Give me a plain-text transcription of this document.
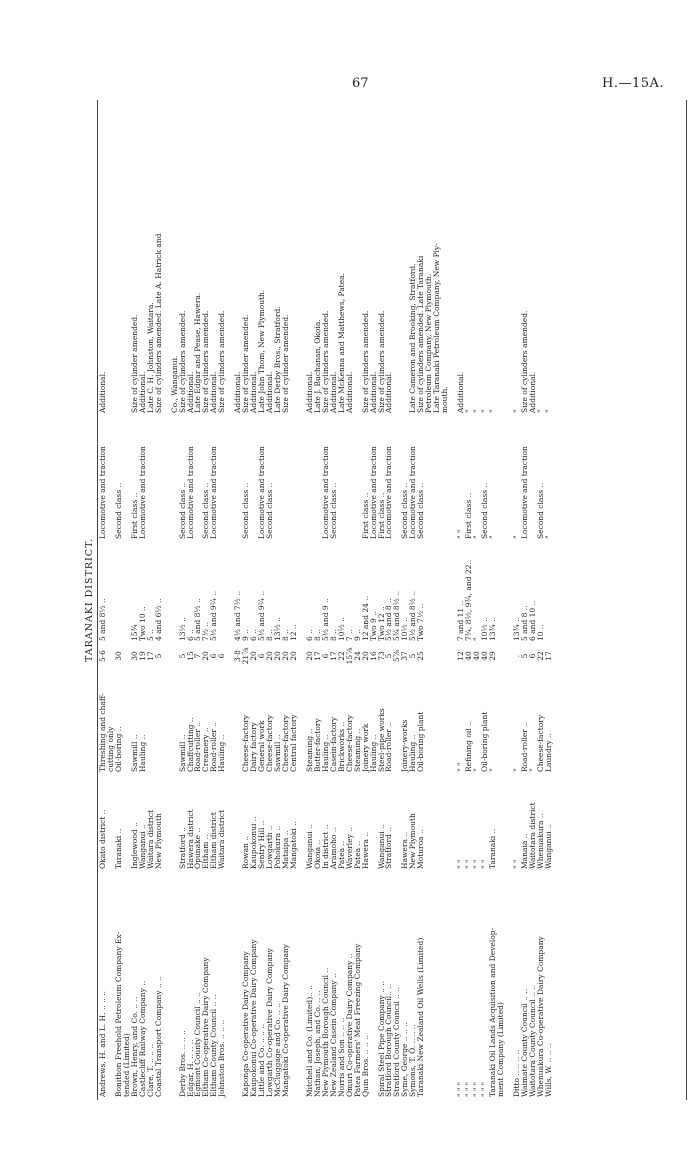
67	H.—15A.
TARANAKI DISTRICT.
Andrews, H. and L. H. .. .. ..	Okato district ..	Threshing and chaff-	5·6	5 and 8½ ..	Locomotive and traction	Additional.
		cutting only				
Bonithon Freehold Petroleum Company Ex-	Taranaki ..	Oil-boring ..	30		Second class ..	
tended (Limited)						
Brown, Henry, and Co. .. ..	Inglewood ..	Sawmill ..	30	15¾	First class ..	Size of cylinder amended.
Castlecliff Railway Company ..	Wanganui ..	Hauling ..	19	Two 10 ..	Locomotive and traction	Additional.
Clare, T. .. .. ..	Waitara district		17	5 ..		Late C. H. Johnston, Waitara.
Coastal Transport Company .. ..	New Plymouth		5	4 and 6½ ..		Size of cylinders amended. Late A. Hatrick and

						Co., Wanganui.
Derby Bros. .. .. ..	Stratford ..	Sawmill ..	5	13½ ..	Second class ..	Size of cylinders amended.
Edgar, H. .. .. ..	Hawera district	Chaffcutting ..	15	6 ..	Locomotive and traction	Additional.
Egmont County Council .. ..	Opunake ..	Road-roller ..	7	5 and 8½ ..		Late Edgar and Pease, Hawera.
Eltham Co-operative Dairy Company	Eltham ..	Creamery ..	20	7½ ..	Second class ..	Size of cylinders amended.
Eltham County Council .. ..	Eltham district	Road-roller ..	6	5½ and 9¼ ..	Locomotive and traction	Additional.
Johnston Bros. .. .. ..	Waitara district	Hauling ..	6			Size of cylinders amended.

			3·8	4½ and 7½ ..		Additional.
Kaponga Co-operative Dairy Company	Rowan ..	Cheese-factory	21⅞	9 ..	Second class ..	Size of cylinder amended.
Kaupokonui Co-operative Dairy Company	Kaupokonui ..	Dairy factory	20	6 ..		Additional.
Little and Co. .. .. ..	Sentry Hill ..	General work	6	5½ and 9¼ ..	Locomotive and traction	Late John Thom, New Plymouth.
Lowgarth Co-operative Dairy Company	Lowgarth ..	Cheese-factory	20	8 ..	Second class ..	Additional.
McCluggage and Co. .. ..	Pohokura ..	Sawmill ..	20	13½ ..		Late Derby Bros., Stratford.
Mangatoki Co-operative Dairy Company	Mataipa ..	Cheese-factory	20	8 ..		Size of cylinder amended.
	Mangatoki ..	Central factory	20	12 ..		

Mitchell and Co. (Limited).. ..	Wanganui ..	Steaming ..	20	6 ..		Additional.
Nathan, Joseph, and Co. .. ..	Okoia ..	Butter-factory	17	8 ..		Late J. Buchanan, Okoia.
New Plymouth Borough Council ..	In district ..	Hauling ..	6	5½ and 9 ..	Locomotive and traction	Size of cylinders amended.
New Zealand Casein Company ..	Aramoho ..	Casein-factory	17	8 ..	Second class ..	Additional.
Norris and Son .. .. ..	Patea ..	Brickworks ..	22	10½ ..		Late McKenna and Matthews, Patea.
Omuri Co-operative Dairy Company ..	Waverley ..	Cheese-factory	15⅞	7 ..		Additional.
Patea Farmers' Meat Freezing Company	Patea ..	Steaming ..	24	9 ..		
Quin Bros. .. .. ..	Hawera ..	Joinery work	20	12 and 24 ..	First class ..	Size of cylinders amended.
		Hauling ..	16	Two 9 ..	Locomotive and traction	Additional.
Spiral Steel Pipe Company .. ..	Wanganui ..	Steel-pipe works	73	Two 12 ..	First class ..	Size of cylinders amended.
Stratford Borough Council.. ..	Stratford ..	Road-roller ..	5	5½ and 8 ..	Locomotive and traction	Additional.
Stratford County Council .. ..			5⅞	5¾ and 8½ ..		
Syme, George .. .. ..	Hawera ..	Joinery-works	37	10½ ..	Second class ..	
Symons, T. O. .. .. ..	New Plymouth	Hauling ..	5	5½ and 8½ ..	Locomotive and traction	Late Cameron and Brooking, Stratford.
Taranaki New Zealand Oil Wells (Limited)	Moturoa ..	Oil-boring plant	25	Two 7½ ..	Second class ..	Size of cylinders amended. Late Taranaki
						Petroleum Company, New Plymouth.
						Late Taranaki Petroleum Company, New Ply-
						mouth.

" " "	" "	" "	12	7 and 11 ..	" "	Additional.
" " "	" "	Refining oil ..	40	7¾, 8½, 9¾, and 22..	First class ..	"
" " "	" "	"	40	"	"	"
" " "	" "	Oil-boring plant	40	10½ ..	Second class ..	"
Taranaki Oil Lands Acquisition and Develop-	Taranaki ..	"	29	13¾ ..	"	"
ment Company (Limited)						

Ditto .. .. .. ..	" "	"	.	13¾ ..	"	"
Waimate County Council .. ..	Manaia ..	Road-roller ..	5	5 and 8 ..	Locomotive and traction	Size of cylinders amended.
Waitotara County Council .. ..	Waitotara district	"	6	6 and 10 ..		Additional.
Whenuakura Co-operative Dairy Company	Whenuakura ..	Cheese-factory	22	10 ..	Second class ..	"
Wills, W. .. .. ..	Wanganui ..	Laundry ..	17		"	"
